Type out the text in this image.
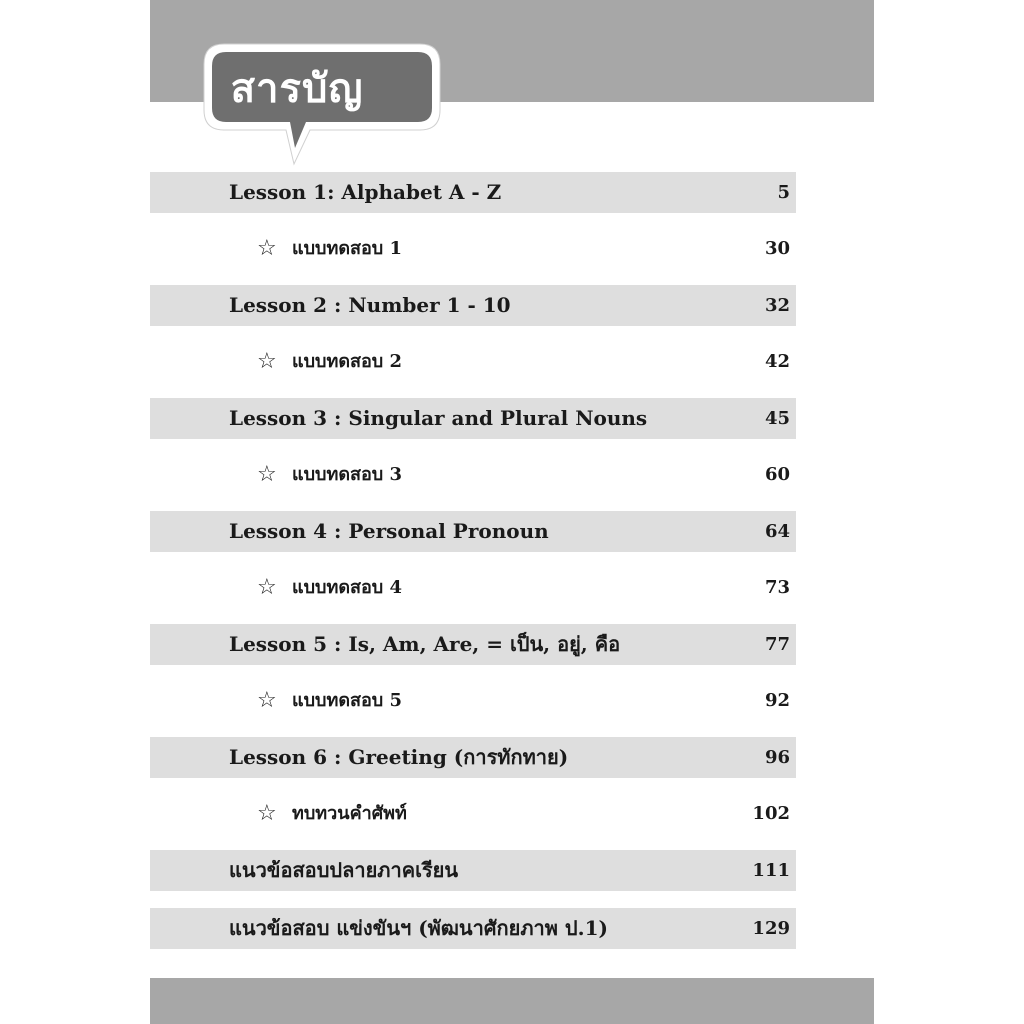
สารบัญ
Lesson 1: Alphabet A - Z	5
☆ แบบทดสอบ 1	30
Lesson 2 : Number 1 - 10	32
☆ แบบทดสอบ 2	42
Lesson 3 : Singular and Plural Nouns	45
☆ แบบทดสอบ 3	60
Lesson 4 : Personal Pronoun	64
☆ แบบทดสอบ 4	73
Lesson 5 : Is, Am, Are, = เป็น, อยู่, คือ	77
☆ แบบทดสอบ 5	92
Lesson 6 : Greeting (การทักทาย)	96
☆ ทบทวนคำศัพท์	102
แนวข้อสอบปลายภาคเรียน	111
แนวข้อสอบ แข่งขันฯ (พัฒนาศักยภาพ ป.1)	129
